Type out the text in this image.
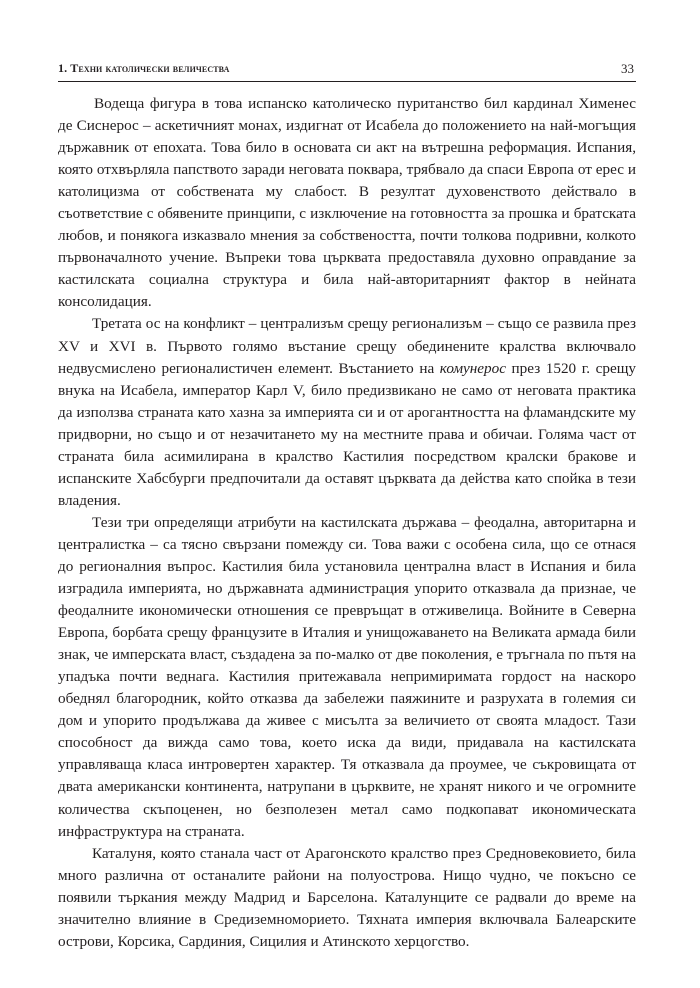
1. Техни католически величества	33

Водеща фигура в това испанско католическо пуританство бил кардинал Хименес де Сиснерос – аскетичният монах, издигнат от Исабела до положението на най-могъщия държавник от епохата. Това било в основата си акт на вътрешна реформация. Испания, която отхвърляла папството заради неговата поквара, трябвало да спаси Европа от ерес и католицизма от собствената му слабост. В резултат духовенството действало в съответствие с обявените принципи, с изключение на готовността за прошка и братската любов, и понякога изказвало мнения за собствеността, почти толкова подривни, колкото първоначалното учение. Въпреки това църквата предоставяла духовно оправдание за кастилската социална структура и била най-авторитарният фактор в нейната консолидация.

Третата ос на конфликт – централизъм срещу регионализъм – също се развила през XV и XVI в. Първото голямо въстание срещу обединените кралства включвало недвусмислено регионалистичен елемент. Въстанието на комунерос през 1520 г. срещу внука на Исабела, император Карл V, било предизвикано не само от неговата практика да използва страната като хазна за империята си и от арогантността на фламандските му придворни, но също и от незачитането му на местните права и обичаи. Голяма част от страната била асимилирана в кралство Кастилия посредством кралски бракове и испанските Хабсбурги предпочитали да оставят църквата да действа като спойка в тези владения.

Тези три определящи атрибути на кастилската държава – феодална, авторитарна и централистка – са тясно свързани помежду си. Това важи с особена сила, що се отнася до регионалния въпрос. Кастилия била установила централна власт в Испания и била изградила империята, но държавната администрация упорито отказвала да признае, че феодалните икономически отношения се превръщат в отживелица. Войните в Северна Европа, борбата срещу французите в Италия и унищожаването на Великата армада били знак, че имперската власт, създадена за по-малко от две поколения, е тръгнала по пътя на упадъка почти веднага. Кастилия притежавала непримиримата гордост на наскоро обеднял благородник, който отказва да забележи паяжините и разрухата в големия си дом и упорито продължава да живее с мисълта за величието от своята младост. Тази способност да вижда само това, което иска да види, придавала на кастилската управляваща класа интровертен характер. Тя отказвала да проумее, че съкровищата от двата американски континента, натрупани в църквите, не хранят никого и че огромните количества скъпоценен, но безполезен метал само подкопават икономическата инфраструктура на страната.

Каталуня, която станала част от Арагонското кралство през Средновековието, била много различна от останалите райони на полуострова. Нищо чудно, че покъсно се появили търкания между Мадрид и Барселона. Каталунците се радвали до време на значително влияние в Средиземноморието. Тяхната империя включвала Балеарските острови, Корсика, Сардиния, Сицилия и Атинското херцогство.
